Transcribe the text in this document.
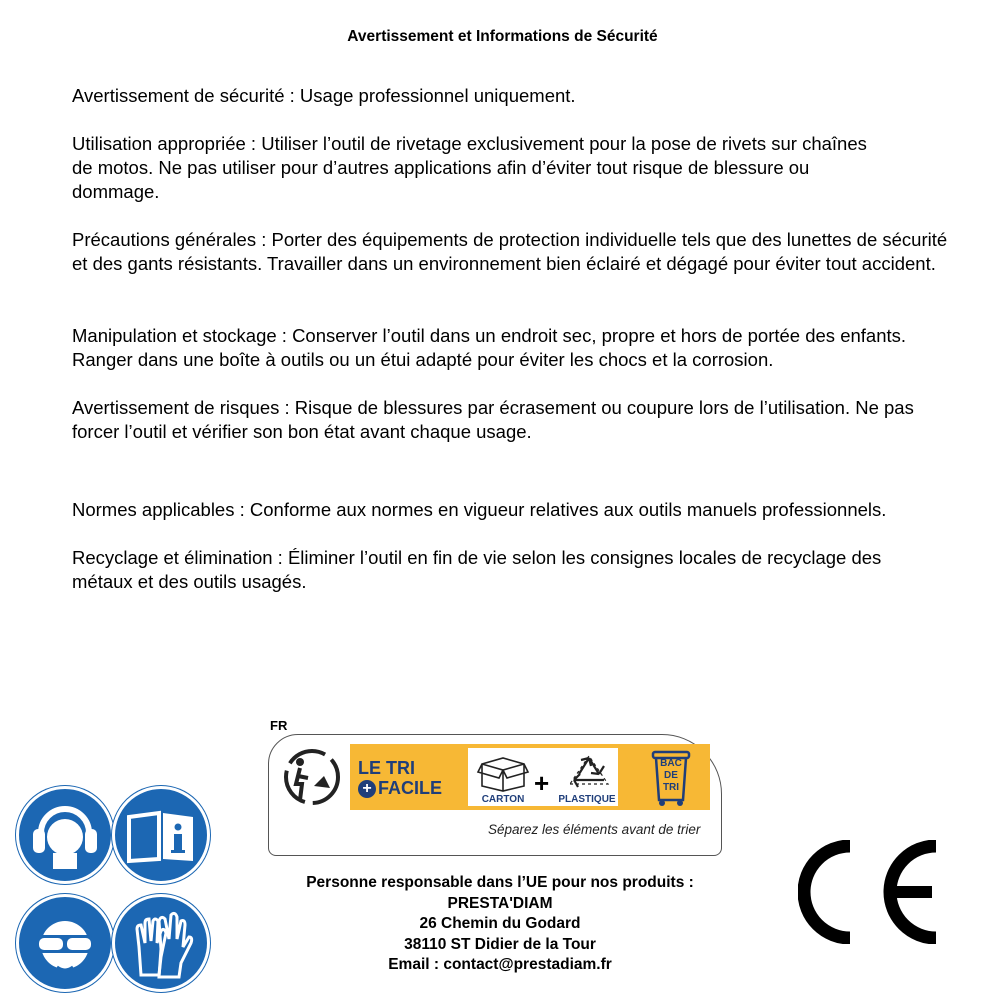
Avertissement et Informations de Sécurité
Avertissement de sécurité : Usage professionnel uniquement.
Utilisation appropriée : Utiliser l’outil de rivetage exclusivement pour la pose de rivets sur chaînes de motos. Ne pas utiliser pour d’autres applications afin d’éviter tout risque de blessure ou dommage.
Précautions générales : Porter des équipements de protection individuelle tels que des lunettes de sécurité et des gants résistants. Travailler dans un environnement bien éclairé et dégagé pour éviter tout accident.
Manipulation et stockage : Conserver l’outil dans un endroit sec, propre et hors de portée des enfants. Ranger dans une boîte à outils ou un étui adapté pour éviter les chocs et la corrosion.
Avertissement de risques : Risque de blessures par écrasement ou coupure lors de l’utilisation. Ne pas forcer l’outil et vérifier son bon état avant chaque usage.
Normes applicables : Conforme aux normes en vigueur relatives aux outils manuels professionnels.
Recyclage et élimination : Éliminer l’outil en fin de vie selon les consignes locales de recyclage des métaux et des outils usagés.
FR
LE TRI
+ FACILE
CARTON
+
PLASTIQUE
BAC
DE
TRI
Séparez les éléments avant de trier
Personne responsable dans l’UE pour nos produits :
PRESTA'DIAM
26 Chemin du Godard
38110 ST Didier de la Tour
Email : contact@prestadiam.fr
